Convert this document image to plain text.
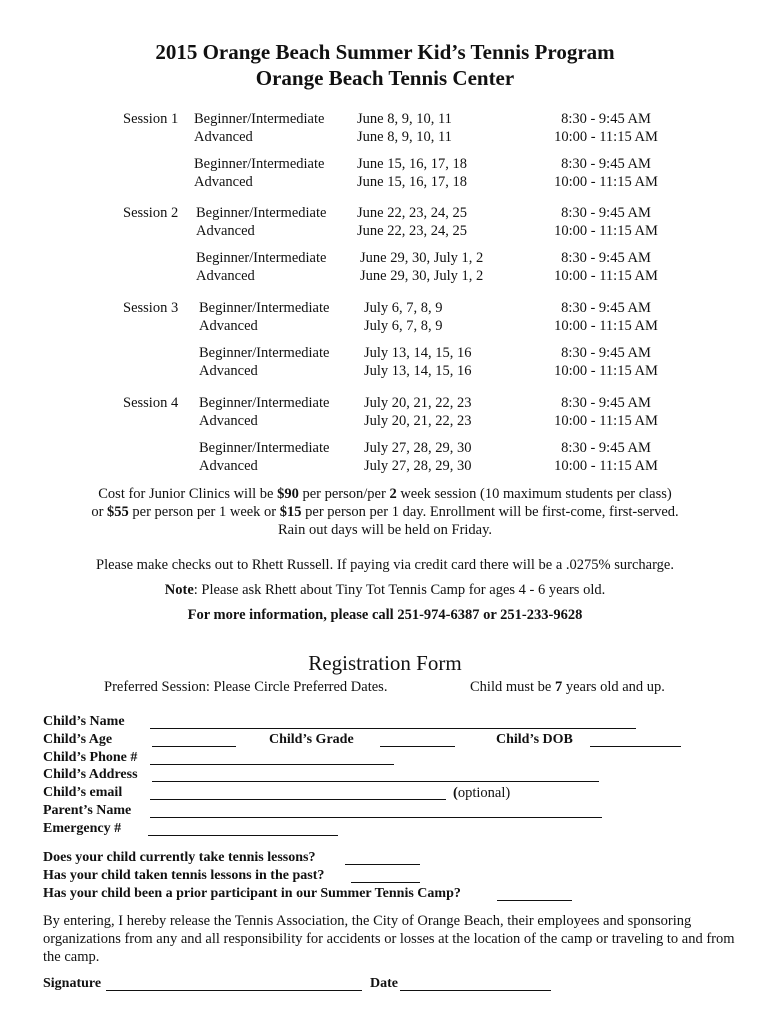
2015 Orange Beach Summer Kid’s Tennis Program
Orange Beach Tennis Center
Session 1 Beginner/Intermediate June 8, 9, 10, 11	8:30 - 9:45 AM
Advanced	June 8, 9, 10, 11	10:00 - 11:15 AM
Beginner/Intermediate June 15, 16, 17, 18	8:30 - 9:45 AM
Advanced	June 15, 16, 17, 18	10:00 - 11:15 AM
Session 2 Beginner/Intermediate June 22, 23, 24, 25	8:30 - 9:45 AM
Advanced	June 22, 23, 24, 25	10:00 - 11:15 AM
Beginner/Intermediate June 29, 30, July 1, 2	8:30 - 9:45 AM
Advanced	June 29, 30, July 1, 2	10:00 - 11:15 AM
Session 3 Beginner/Intermediate July 6, 7, 8, 9	8:30 - 9:45 AM
Advanced	July 6, 7, 8, 9	10:00 - 11:15 AM
Beginner/Intermediate July 13, 14, 15, 16	8:30 - 9:45 AM
Advanced	July 13, 14, 15, 16	10:00 - 11:15 AM
Session 4 Beginner/Intermediate July 20, 21, 22, 23	8:30 - 9:45 AM
Advanced	July 20, 21, 22, 23	10:00 - 11:15 AM
Beginner/Intermediate July 27, 28, 29, 30	8:30 - 9:45 AM
Advanced	July 27, 28, 29, 30	10:00 - 11:15 AM
Cost for Junior Clinics will be $90 per person/per 2 week session (10 maximum students per class)
or $55 per person per 1 week or $15 per person per 1 day. Enrollment will be first-come, first-served.
Rain out days will be held on Friday.
Please make checks out to Rhett Russell. If paying via credit card there will be a .0275% surcharge.
Note: Please ask Rhett about Tiny Tot Tennis Camp for ages 4 - 6 years old.
For more information, please call 251-974-6387 or 251-233-9628
Registration Form
Preferred Session: Please Circle Preferred Dates.	Child must be 7 years old and up.
Child’s Name
Child’s Age	Child’s Grade	Child’s DOB
Child’s Phone #
Child’s Address
Child’s email	(optional)
Parent’s Name
Emergency #
Does your child currently take tennis lessons?
Has your child taken tennis lessons in the past?
Has your child been a prior participant in our Summer Tennis Camp?
By entering, I hereby release the Tennis Association, the City of Orange Beach, their employees and sponsoring organizations from any and all responsibility for accidents or losses at the location of the camp or traveling to and from the camp.
Signature	Date
